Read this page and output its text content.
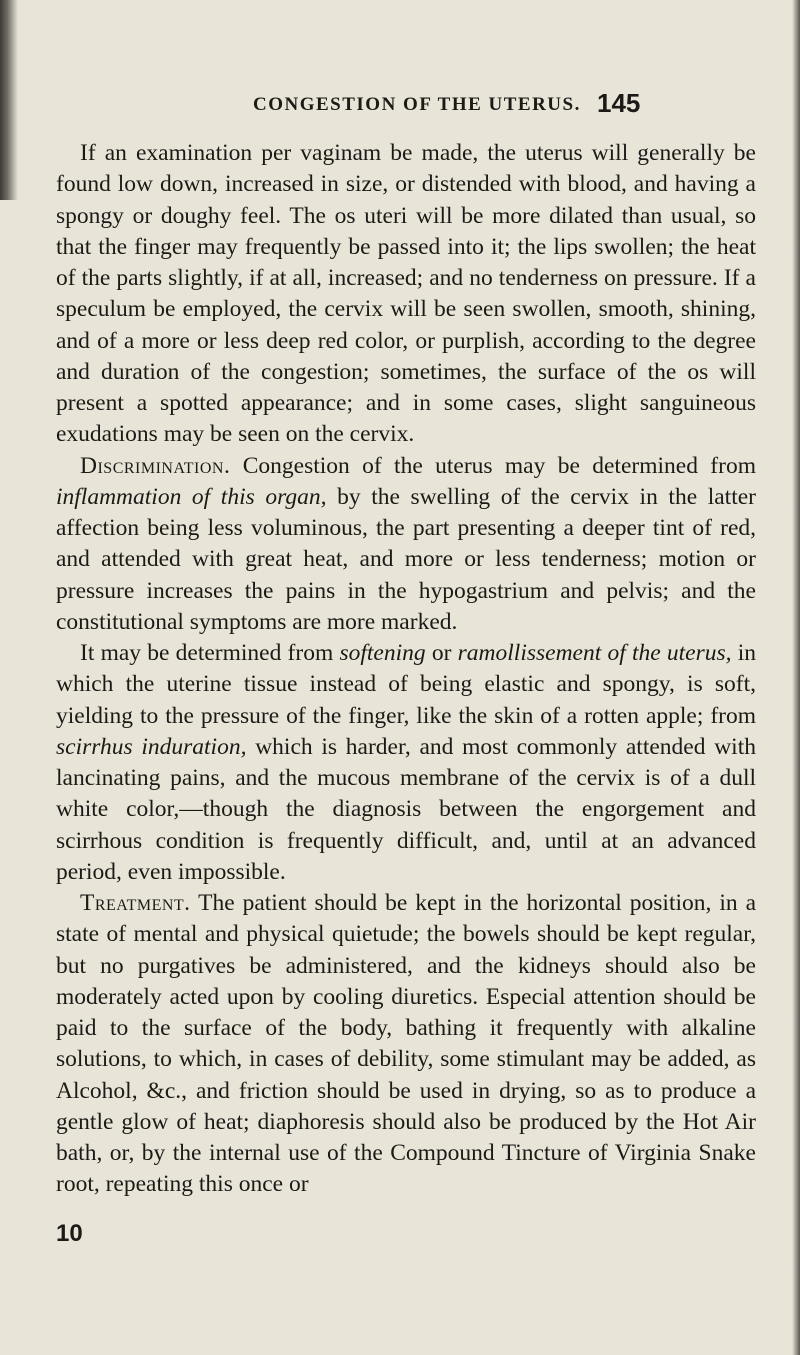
CONGESTION OF THE UTERUS. 145

If an examination per vaginam be made, the uterus will generally be found low down, increased in size, or distended with blood, and having a spongy or doughy feel. The os uteri will be more dilated than usual, so that the finger may frequently be passed into it; the lips swollen; the heat of the parts slightly, if at all, increased; and no tenderness on pressure. If a speculum be employed, the cervix will be seen swollen, smooth, shining, and of a more or less deep red color, or purplish, according to the degree and duration of the congestion; sometimes, the surface of the os will present a spotted appearance; and in some cases, slight sanguineous exudations may be seen on the cervix.

Discrimination. Congestion of the uterus may be determined from inflammation of this organ, by the swelling of the cervix in the latter affection being less voluminous, the part presenting a deeper tint of red, and attended with great heat, and more or less tenderness; motion or pressure increases the pains in the hypogastrium and pelvis; and the constitutional symptoms are more marked.

It may be determined from softening or ramollissement of the uterus, in which the uterine tissue instead of being elastic and spongy, is soft, yielding to the pressure of the finger, like the skin of a rotten apple; from scirrhus induration, which is harder, and most commonly attended with lancinating pains, and the mucous membrane of the cervix is of a dull white color,—though the diagnosis between the engorgement and scirrhous condition is frequently difficult, and, until at an advanced period, even impossible.

Treatment. The patient should be kept in the horizontal position, in a state of mental and physical quietude; the bowels should be kept regular, but no purgatives be administered, and the kidneys should also be moderately acted upon by cooling diuretics. Especial attention should be paid to the surface of the body, bathing it frequently with alkaline solutions, to which, in cases of debility, some stimulant may be added, as Alcohol, &c., and friction should be used in drying, so as to produce a gentle glow of heat; diaphoresis should also be produced by the Hot Air bath, or, by the internal use of the Compound Tincture of Virginia Snake root, repeating this once or

10
